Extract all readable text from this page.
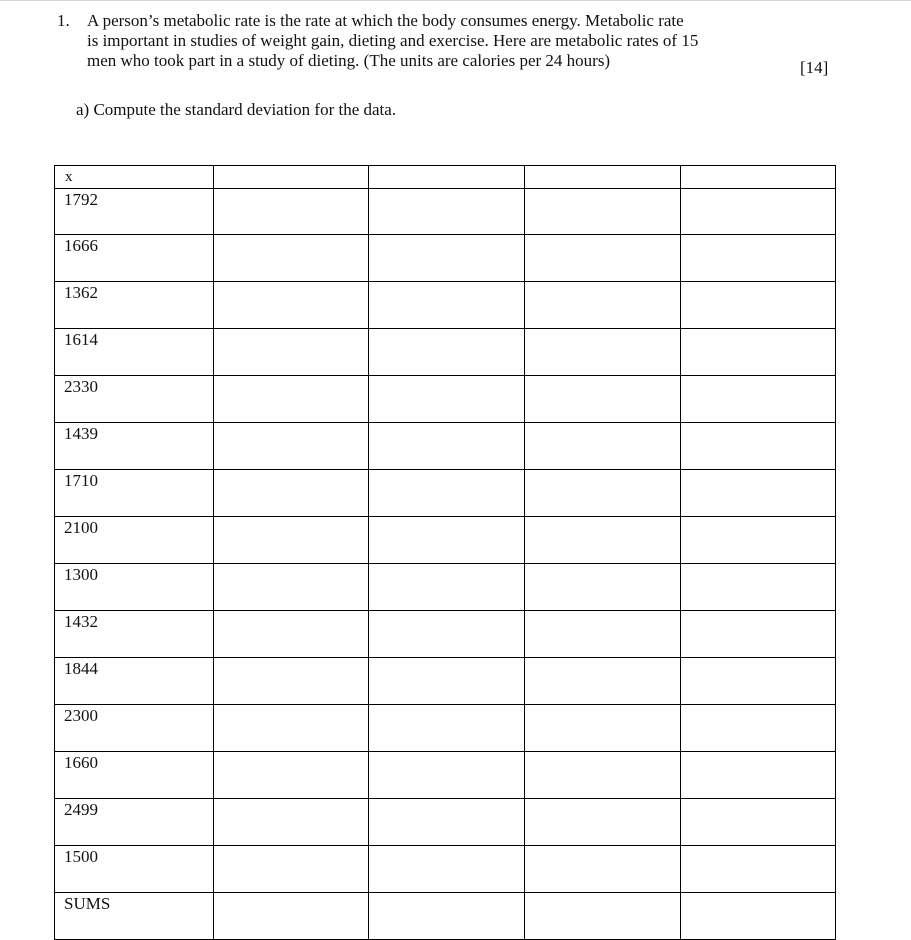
1. A person’s metabolic rate is the rate at which the body consumes energy. Metabolic rate
is important in studies of weight gain, dieting and exercise. Here are metabolic rates of 15
men who took part in a study of dieting. (The units are calories per 24 hours)	[14]
a) Compute the standard deviation for the data.
x				
1792				
1666				
1362				
1614				
2330				
1439				
1710				
2100				
1300				
1432				
1844				
2300				
1660				
2499				
1500				
SUMS				
